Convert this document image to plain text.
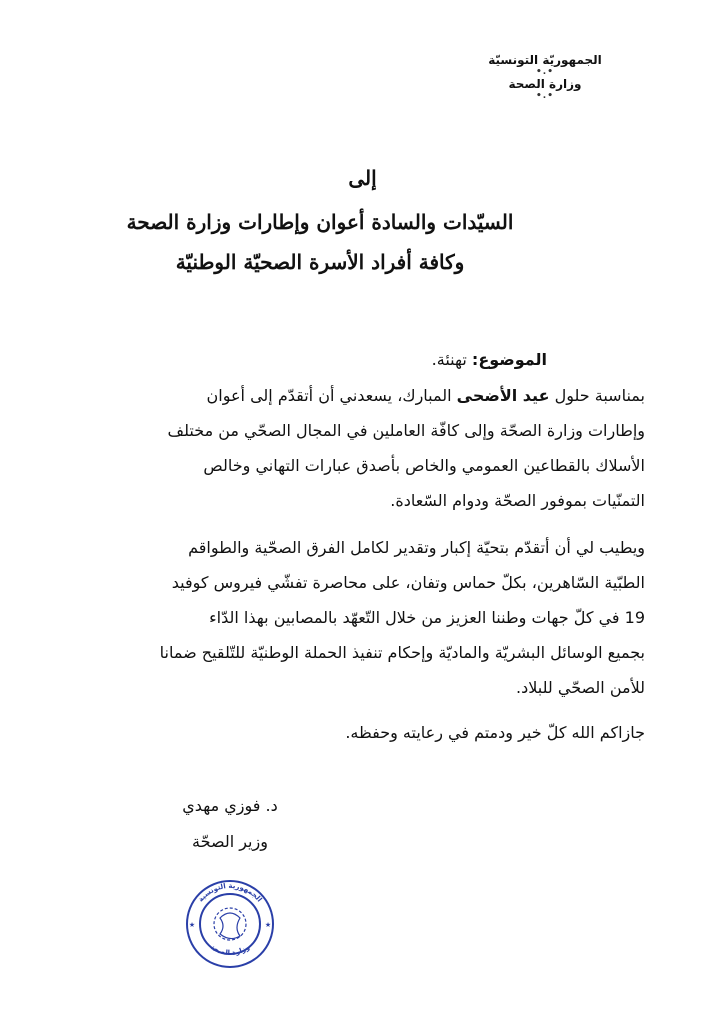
الجمهوريّة التونسيّة
•.•
وزارة الصحة
•.•
إلى
السيّدات والسادة أعوان وإطارات وزارة الصحة
وكافة أفراد الأسرة الصحيّة الوطنيّة
الموضوع: تهنئة.
بمناسبة حلول عيد الأضحى المبارك، يسعدني أن أتقدّم إلى أعوان
وإطارات وزارة الصحّة وإلى كافّة العاملين في المجال الصحّي من مختلف
الأسلاك بالقطاعين العمومي والخاص بأصدق عبارات التهاني وخالص
التمنّيات بموفور الصحّة ودوام السّعادة.
ويطيب لي أن أتقدّم بتحيّة إكبار وتقدير لكامل الفرق الصحّية والطواقم
الطبّية السّاهرين، بكلّ حماس وتفان، على محاصرة تفشّي فيروس كوفيد
19 في كلّ جهات وطننا العزيز من خلال التّعهّد بالمصابين بهذا الدّاء
بجميع الوسائل البشريّة والماديّة وإحكام تنفيذ الحملة الوطنيّة للتّلقيح ضمانا
للأمن الصحّي للبلاد.
جازاكم الله كلّ خير ودمتم في رعايته وحفظه.
د. فوزي مهدي
وزير الصحّة
الجمهورية التونسية
وزارة الصحة
★	★
